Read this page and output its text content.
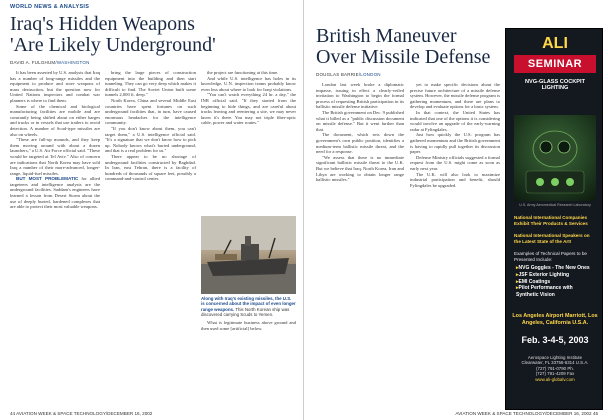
WORLD NEWS & ANALYSIS
Iraq's Hidden Weapons
'Are Likely Underground'
DAVID A. FULGHUM/WASHINGTON

It has been asserted by U.S. analysts that Iraq has a number of long-range missiles and the equipment to produce and store weapons of mass destruction, but the question now for United Nations inspectors and combat war planners is where to find them.

Some of the chemical and biological manufacturing facilities are mobile and are constantly being shifted about on either barges and trucks or in vessels that use trailers to avoid detection. A number of Scud-type missiles are also on wheels.

"These are full-up mounds, and they keep them moving around with about a dozen launchers," a U.S. Air Force official said. "These would be targeted at Tel Aviv." Also of concern are indications that North Korea may have sold Iraq a number of their more-advanced, longer-range, liquid-fuel missiles.

BUT MOST PROBLEMATIC for allied targeteers and intelligence analysts are the underground facilities. Saddam's engineers have learned a lesson from Desert Storm about the use of deeply buried, hardened complexes that are able to protect their most valuable weapons.

bring the large pieces of construction equipment into the building and then start tunneling. They can go very deep which makes it difficult to find. The Soviet Union built some tunnels 2,000 ft. deep."

North Korea, China and several Middle East countries have spent fortunes on such underground facilities that, in turn, have caused enormous headaches for the intelligence community.

"If you don't know about them, you can't target them," a U.S. intelligence official said. "It's a signature that we don't know how to pick up. Nobody knows what's buried underground, and that is a real problem for us."

There appear to be no shortage of underground facilities constructed by Baghdad. In Iran, east Tehran, there is a facility of hundreds of thousands of square feet, possibly a command-and-control center.

the project are functioning at this time.

And while U.S. intelligence has holes in its knowledge, U.N. inspection teams probably know even less about where to look for Iraqi violations.

"You can't watch everything 24 hr. a day," the INR official said. "If they started from the beginning to hide things, and are careful about tracks leaving and reentering a site, we may never know it's there. You may not triple fiber-optic cable, power and water routes."

Along with Iraq's existing missiles, the U.S. is concerned about the impact of even longer range weapons. This North Korean ship was discovered carrying Scuds to Yemen.

What is legitimate business above ground and then used some [artificial] below.

44 AVIATION WEEK & SPACE TECHNOLOGY/DECEMBER 16, 2002
British Maneuver
Over Missile Defense
DOUGLAS BARRIE/LONDON

London last week broke a diplomatic impasse, issuing in effect a clearly-veiled invitation to Washington to begin the formal process of requesting British participation in its ballistic missile defense initiative.

The British government on Dec. 9 published what it billed as a "public discussion document on missile defense." But it went further than that.

The document, which sets down the government's own public position, identifies a medium-term ballistic missile threat, and the need for a response.

"We assess that there is no immediate significant ballistic missile threat to the U.K. But we believe that Iraq, North Korea, Iran and Libya are working to obtain longer range ballistic missiles."

yet to make specific decisions about the precise future architecture of a missile defense system. However, the missile defense program is gathering momentum, and there are plans to develop and evaluate options for a basic system.

In that context, the United States has indicated that one of the options it is considering would involve an upgrade of the early-warning radar at Fylingdales.

Just how quickly the U.S. program has gathered momentum and the British government is having to rapidly pull together its discussion paper.

Defense Ministry officials suggested a formal request from the U.S. might come as soon as early next year.

The U.K. will also look to maximize industrial participation and benefit, should Fylingdales be upgraded.

AVIATION WEEK & SPACE TECHNOLOGY/DECEMBER 16, 2002 45
ALI
SEMINAR
NVG-GLASS COCKPIT LIGHTING
U.S. Army Aeromedical Research Laboratory
National International Companies Exhibit Their Products & Services
National International Speakers on the Latest State of the Art!
Examples of Technical Papers to be Presented Include:
▸ NVG Goggles - The New Ones
▸ JSF Exterior Lighting
▸ EMI Coatings
▸ Pilot Performance with Synthetic Vision
Los Angeles Airport Marriott, Los Angeles, California U.S.A.
Feb. 3-4-5, 2003
Aerospace Lighting Institute
Clearwater, FL 33756-6314 U.S.A.
(727) 791-0790 Ph.
(727) 791-4209 Fax
www.ali-globalv.com
